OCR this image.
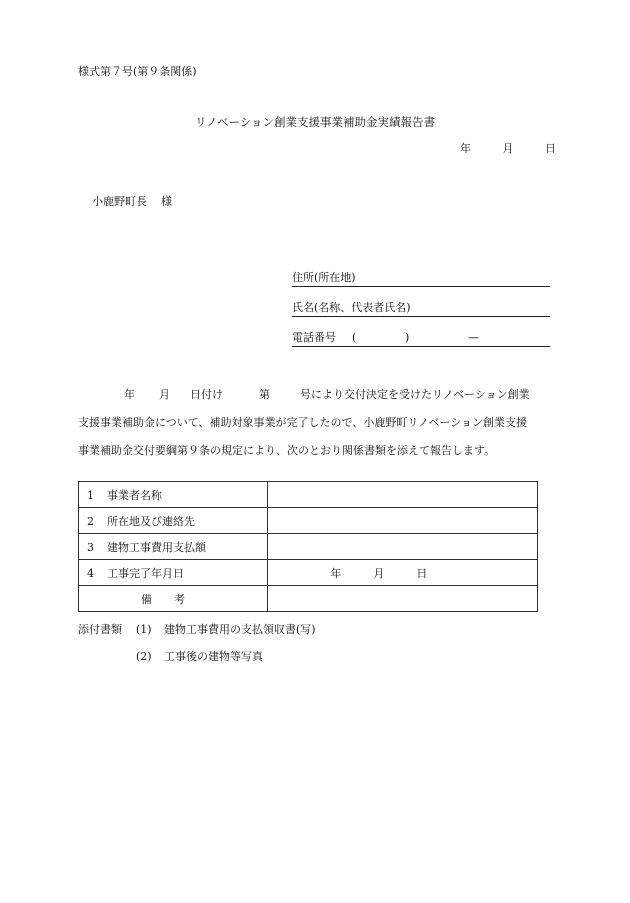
様式第７号(第９条関係)
リノベーション創業支援事業補助金実績報告書
年	月	日
小鹿野町長 様
住所(所在地)
氏名(名称、代表者氏名)
電話番号 (	)	—
年 月 日付け	第	号により交付決定を受けたリノベーション創業
支援事業補助金について、補助対象事業が完了したので、小鹿野町リノベーション創業支援
事業補助金交付要綱第９条の規定により、次のとおり関係書類を添えて報告します。
1 事業者名称	
2 所在地及び連絡先	
3 建物工事費用支払額	
4 工事完了年月日	年 月 日
備 考	
添付書類 (1) 建物工事費用の支払領収書(写)
(2) 工事後の建物等写真
